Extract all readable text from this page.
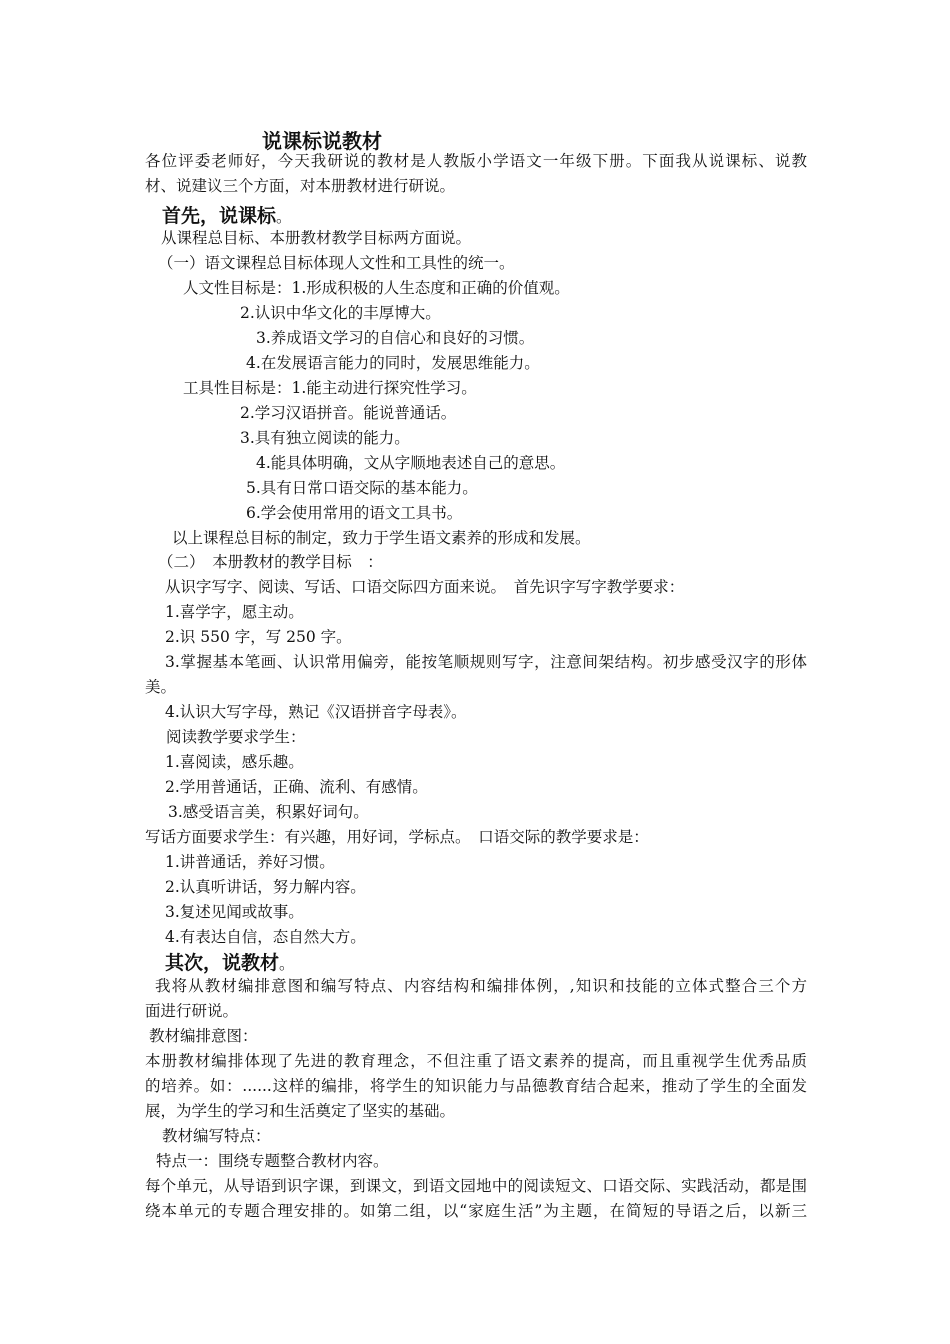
说课标说教材
各位评委老师好，今天我研说的教材是人教版小学语文一年级下册。下面我从说课标、说教
材、说建议三个方面，对本册教材进行研说。
首先，说课标。
从课程总目标、本册教材教学目标两方面说。
（一）语文课程总目标体现人文性和工具性的统一。
人文性目标是：1.形成积极的人生态度和正确的价值观。
2.认识中华文化的丰厚博大。
3.养成语文学习的自信心和良好的习惯。
4.在发展语言能力的同时，发展思维能力。
工具性目标是：1.能主动进行探究性学习。
2.学习汉语拼音。能说普通话。
3.具有独立阅读的能力。
4.能具体明确，文从字顺地表述自己的意思。
5.具有日常口语交际的基本能力。
6.学会使用常用的语文工具书。
以上课程总目标的制定，致力于学生语文素养的形成和发展。
（二）　本册教材的教学目标　：
从识字写字、阅读、写话、口语交际四方面来说。　首先识字写字教学要求：
1.喜学字，愿主动。
2.识 550 字，写 250 字。
3.掌握基本笔画、认识常用偏旁，能按笔顺规则写字，注意间架结构。初步感受汉字的形体
美。
4.认识大写字母，熟记《汉语拼音字母表》。
阅读教学要求学生：
1.喜阅读，感乐趣。
2.学用普通话，正确、流利、有感情。
3.感受语言美，积累好词句。
写话方面要求学生：有兴趣，用好词，学标点。　口语交际的教学要求是：
1.讲普通话，养好习惯。
2.认真听讲话，努力解内容。
3.复述见闻或故事。
4.有表达自信，态自然大方。
其次，说教材。
我将从教材编排意图和编写特点、内容结构和编排体例，,知识和技能的立体式整合三个方
面进行研说。
教材编排意图：
本册教材编排体现了先进的教育理念，不但注重了语文素养的提高，而且重视学生优秀品质
的培养。如：......这样的编排，将学生的知识能力与品德教育结合起来，推动了学生的全面发
展，为学生的学习和生活奠定了坚实的基础。
教材编写特点：
特点一：围绕专题整合教材内容。
每个单元，从导语到识字课，到课文，到语文园地中的阅读短文、口语交际、实践活动，都是围
绕本单元的专题合理安排的。如第二组，以“家庭生活”为主题，在简短的导语之后，以新三
